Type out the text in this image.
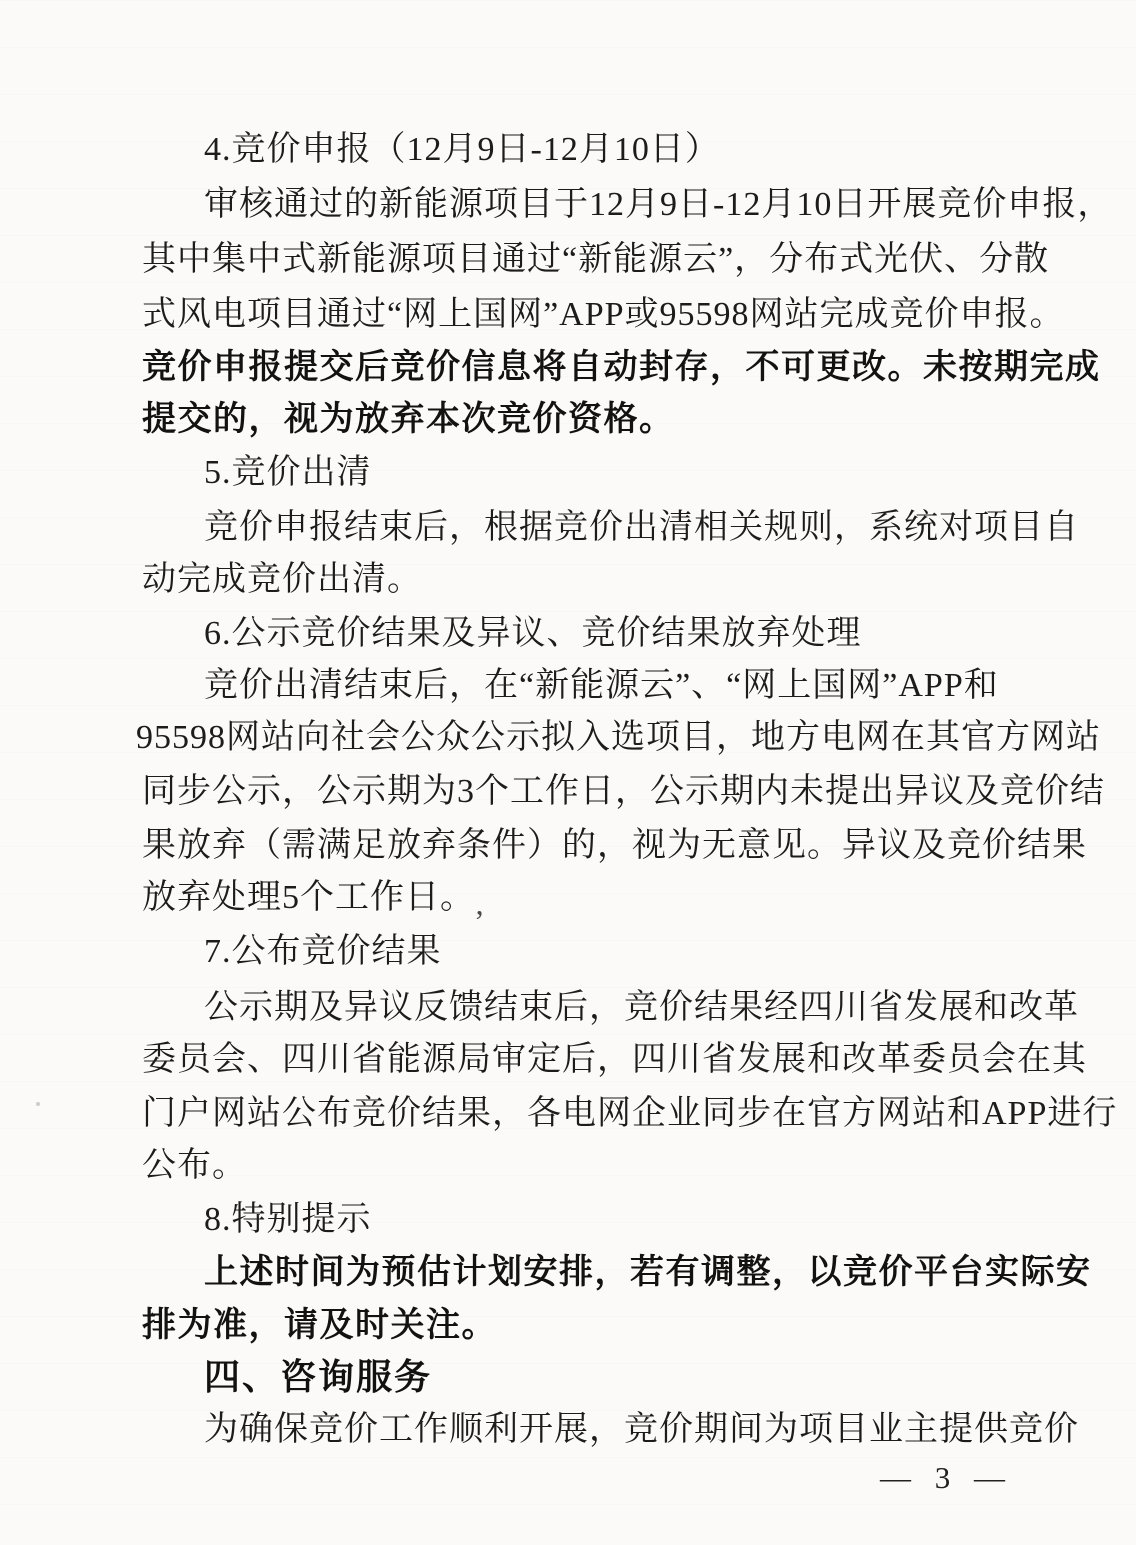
4.竞价申报（12月9日-12月10日）
审核通过的新能源项目于12月9日-12月10日开展竞价申报，
其中集中式新能源项目通过“新能源云”，分布式光伏、分散
式风电项目通过“网上国网”APP或95598网站完成竞价申报。
竞价申报提交后竞价信息将自动封存，不可更改。未按期完成
提交的，视为放弃本次竞价资格。
5.竞价出清
竞价申报结束后，根据竞价出清相关规则，系统对项目自
动完成竞价出清。
6.公示竞价结果及异议、竞价结果放弃处理
竞价出清结束后，在“新能源云”、“网上国网”APP和
95598网站向社会公众公示拟入选项目，地方电网在其官方网站
同步公示，公示期为3个工作日，公示期内未提出异议及竞价结
果放弃（需满足放弃条件）的，视为无意见。异议及竞价结果
放弃处理5个工作日。
7.公布竞价结果
公示期及异议反馈结束后，竞价结果经四川省发展和改革
委员会、四川省能源局审定后，四川省发展和改革委员会在其
门户网站公布竞价结果，各电网企业同步在官方网站和APP进行
公布。
8.特别提示
上述时间为预估计划安排，若有调整，以竞价平台实际安
排为准，请及时关注。
四、咨询服务
为确保竞价工作顺利开展，竞价期间为项目业主提供竞价
— 3 —
’
